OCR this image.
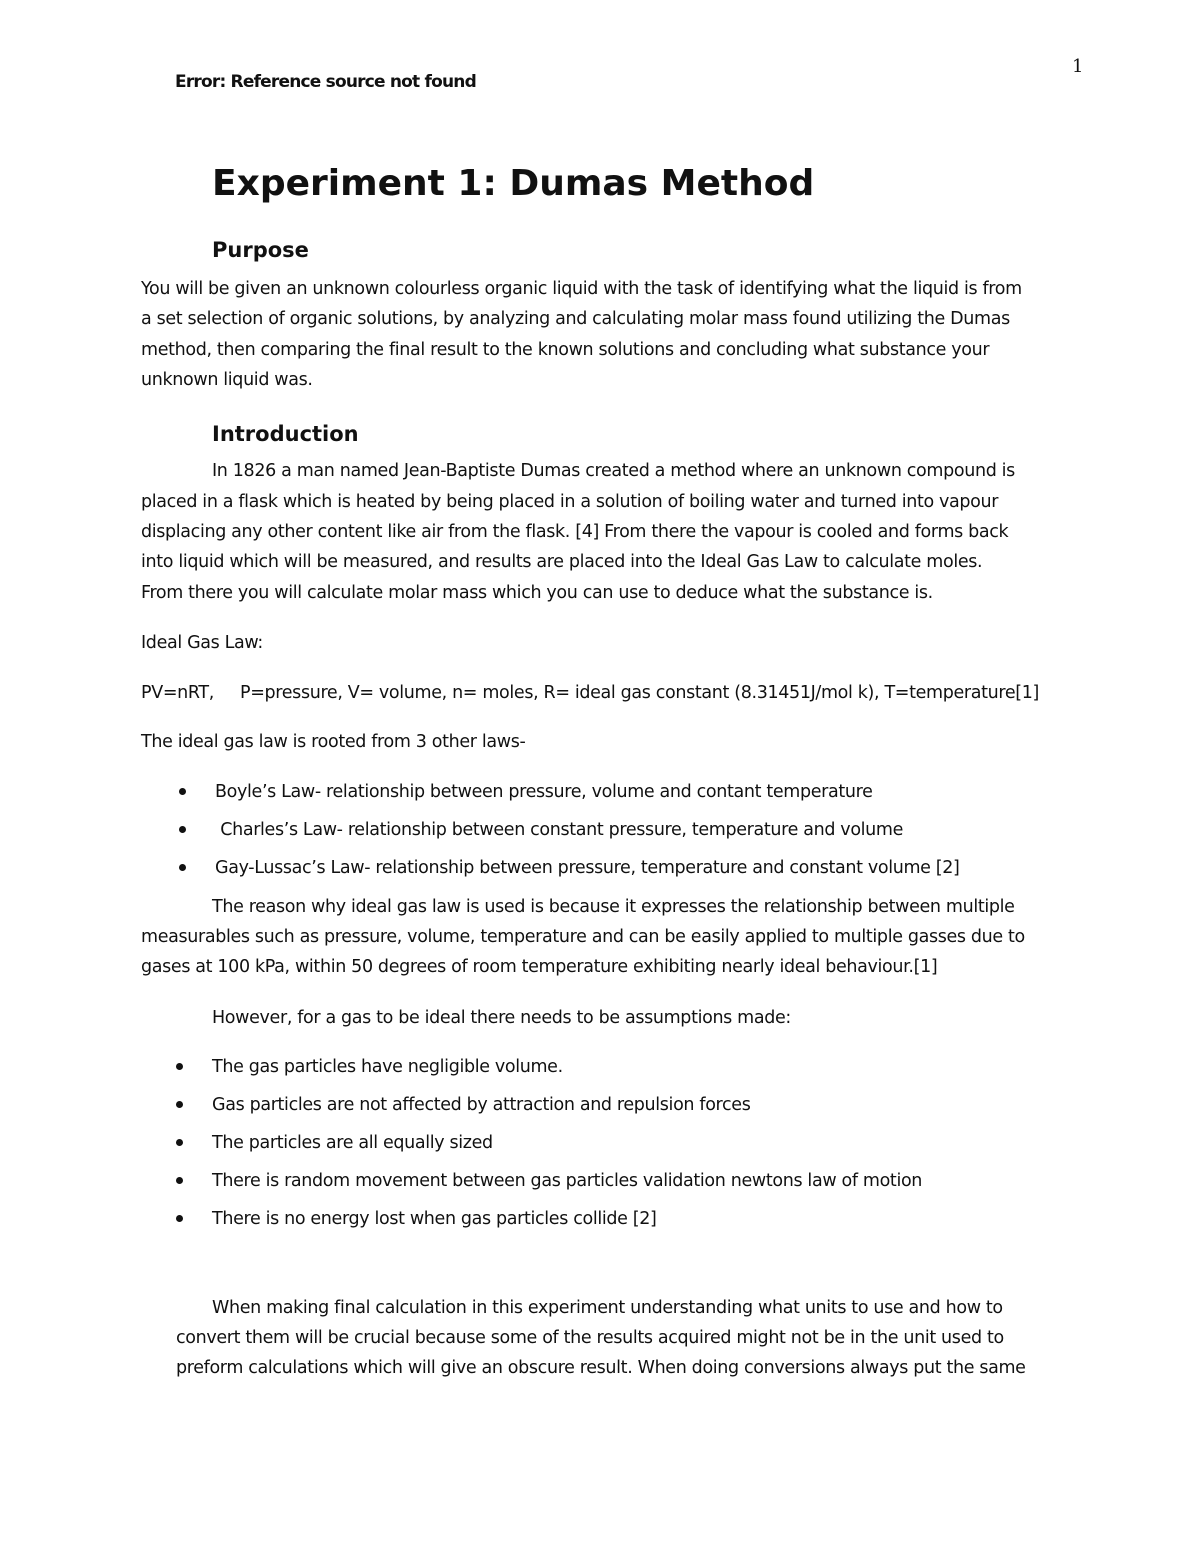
Error: Reference source not found
1
Experiment 1: Dumas Method
Purpose
You will be given an unknown colourless organic liquid with the task of identifying what the liquid is from
a set selection of organic solutions, by analyzing and calculating molar mass found utilizing the Dumas
method, then comparing the final result to the known solutions and concluding what substance your
unknown liquid was.
Introduction
In 1826 a man named Jean-Baptiste Dumas created a method where an unknown compound is
placed in a flask which is heated by being placed in a solution of boiling water and turned into vapour
displacing any other content like air from the flask. [4] From there the vapour is cooled and forms back
into liquid which will be measured, and results are placed into the Ideal Gas Law to calculate moles.
From there you will calculate molar mass which you can use to deduce what the substance is.
Ideal Gas Law:
PV=nRT,     P=pressure, V= volume, n= moles, R= ideal gas constant (8.31451J/mol k), T=temperature[1]
The ideal gas law is rooted from 3 other laws-
Boyle’s Law- relationship between pressure, volume and contant temperature
Charles’s Law- relationship between constant pressure, temperature and volume
Gay-Lussac’s Law- relationship between pressure, temperature and constant volume [2]
The reason why ideal gas law is used is because it expresses the relationship between multiple
measurables such as pressure, volume, temperature and can be easily applied to multiple gasses due to
gases at 100 kPa, within 50 degrees of room temperature exhibiting nearly ideal behaviour.[1]
However, for a gas to be ideal there needs to be assumptions made:
The gas particles have negligible volume.
Gas particles are not affected by attraction and repulsion forces
The particles are all equally sized
There is random movement between gas particles validation newtons law of motion
There is no energy lost when gas particles collide [2]
When making final calculation in this experiment understanding what units to use and how to
convert them will be crucial because some of the results acquired might not be in the unit used to
preform calculations which will give an obscure result. When doing conversions always put the same
